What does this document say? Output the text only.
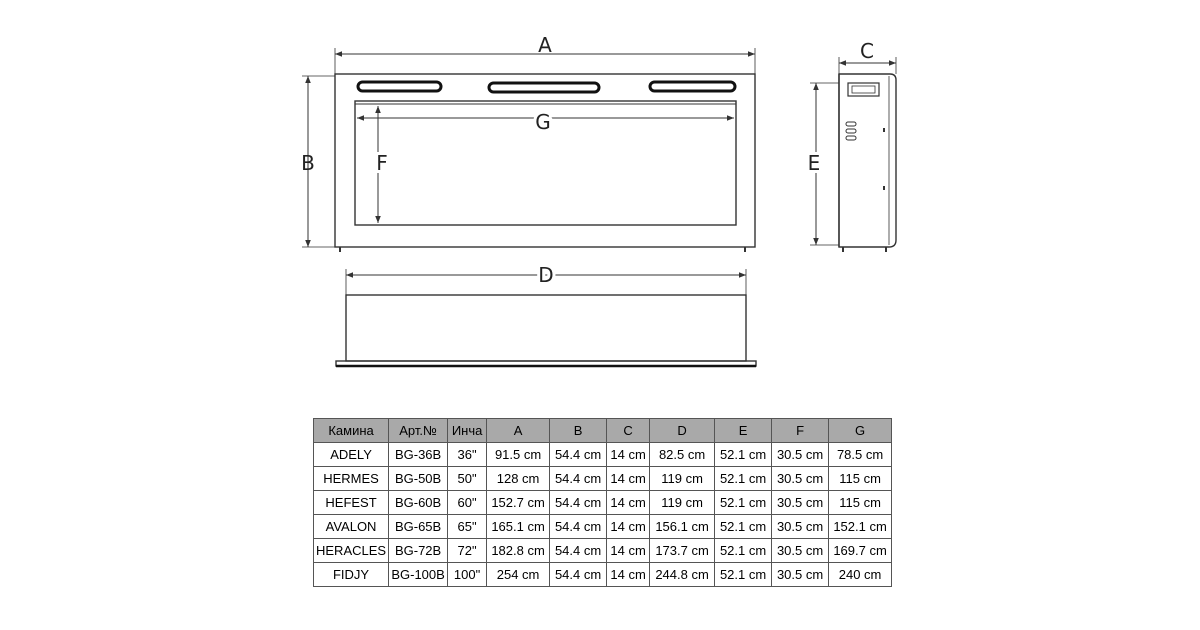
A
B
G
F
C
E
D
Камина	Арт.№	Инча	A	B	C	D	E	F	G
ADELY	BG-36B	36"	91.5 cm	54.4 cm	14 cm	82.5 cm	52.1 cm	30.5 cm	78.5 cm
HERMES	BG-50B	50"	128 cm	54.4 cm	14 cm	119 cm	52.1 cm	30.5 cm	115 cm
HEFEST	BG-60B	60"	152.7 cm	54.4 cm	14 cm	119 cm	52.1 cm	30.5 cm	115 cm
AVALON	BG-65B	65"	165.1 cm	54.4 cm	14 cm	156.1 cm	52.1 cm	30.5 cm	152.1 cm
HERACLES	BG-72B	72"	182.8 cm	54.4 cm	14 cm	173.7 cm	52.1 cm	30.5 cm	169.7 cm
FIDJY	BG-100B	100"	254 cm	54.4 cm	14 cm	244.8 cm	52.1 cm	30.5 cm	240 cm
